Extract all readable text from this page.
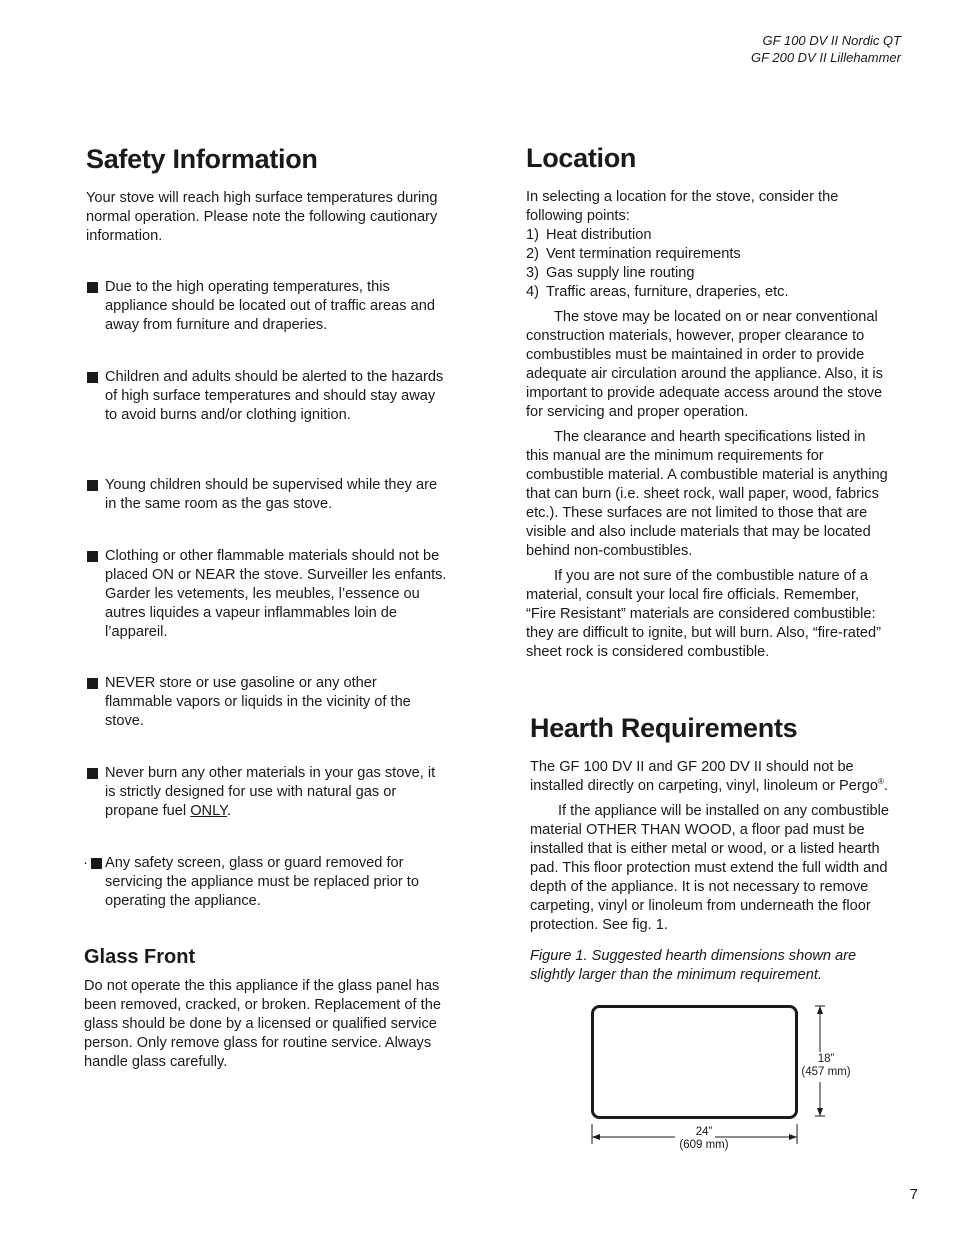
GF 100 DV II Nordic QT
GF 200 DV II Lillehammer
Safety Information

Your stove will reach high surface temperatures during normal operation. Please note the following cautionary information.

Due to the high operating temperatures, this appliance should be located out of traffic areas and away from furniture and draperies.
Children and adults should be alerted to the hazards of high surface temperatures and should stay away to avoid burns and/or clothing ignition.
Young children should be supervised while they are in the same room as the gas stove.
Clothing or other flammable materials should not be placed ON or NEAR the stove. Surveiller les enfants. Garder les vetements, les meubles, l’essence ou autres liquides a vapeur inflammables loin de l’appareil.
NEVER store or use gasoline or any other flammable vapors or liquids in the vicinity of the stove.
Never burn any other materials in your gas stove, it is strictly designed for use with natural gas or propane fuel ONLY.
· Any safety screen, glass or guard removed for servicing the appliance must be replaced prior to operating the appliance.
Glass Front

Do not operate the this appliance if the glass panel has been removed, cracked, or broken. Replacement of the glass should be done by a licensed or qualified service person. Only remove glass for routine service. Always handle glass carefully.

Location

In selecting a location for the stove, consider the following points:

1) Heat distribution
2) Vent termination requirements
3) Gas supply line routing
4) Traffic areas, furniture, draperies, etc.

The stove may be located on or near conventional construction materials, however, proper clearance to combustibles must be maintained in order to provide adequate air circulation around the appliance. Also, it is important to provide adequate access around the stove for servicing and proper operation.

The clearance and hearth specifications listed in this manual are the minimum requirements for combustible material. A combustible material is anything that can burn (i.e. sheet rock, wall paper, wood, fabrics etc.). These surfaces are not limited to those that are visible and also include materials that may be located behind non-combustibles.

If you are not sure of the combustible nature of a material, consult your local fire officials. Remember, “Fire Resistant” materials are considered combustible: they are difficult to ignite, but will burn. Also, “fire-rated” sheet rock is considered combustible.

Hearth Requirements

The GF 100 DV II and GF 200 DV II should not be installed directly on carpeting, vinyl, linoleum or Pergo®.

If the appliance will be installed on any combustible material OTHER THAN WOOD, a floor pad must be installed that is either metal or wood, or a listed hearth pad. This floor protection must extend the full width and depth of the appliance. It is not necessary to remove carpeting, vinyl or linoleum from underneath the floor protection. See fig. 1.

Figure 1. Suggested hearth dimensions shown are slightly larger than the minimum requirement.

18”
(457 mm)
24”
(609 mm)
7
